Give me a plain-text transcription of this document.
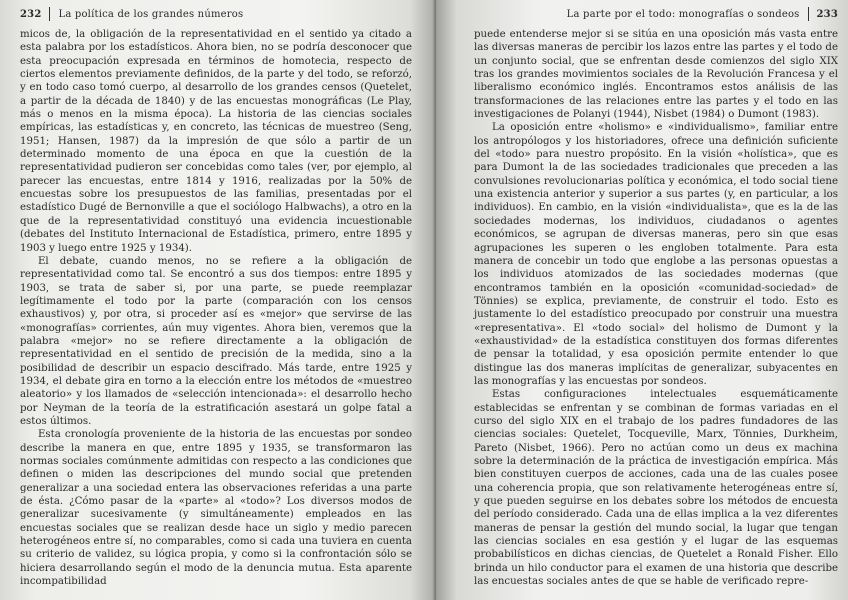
232 La política de los grandes números

micos de, la obligación de la representatividad en el sentido ya citado a esta palabra por los estadísticos. Ahora bien, no se podría desconocer que esta preocupación expresada en términos de homotecia, respecto de ciertos elementos previamente definidos, de la parte y del todo, se reforzó, y en todo caso tomó cuerpo, al desarrollo de los grandes censos (Quetelet, a partir de la década de 1840) y de las encuestas monográficas (Le Play, más o menos en la misma época). La historia de las ciencias sociales empíricas, las estadísticas y, en concreto, las técnicas de muestreo (Seng, 1951; Hansen, 1987) da la impresión de que sólo a partir de un determinado momento de una época en que la cuestión de la representatividad pudieron ser concebidas como tales (ver, por ejemplo, al parecer las encuestas, entre 1814 y 1916, realizadas por la 50% de encuestas sobre los presupuestos de las familias, presentadas por el estadístico Dugé de Bernonville a que el sociólogo Halbwachs), a otro en la que de la representatividad constituyó una evidencia incuestionable (debates del Instituto Internacional de Estadística, primero, entre 1895 y 1903 y luego entre 1925 y 1934).

El debate, cuando menos, no se refiere a la obligación de representatividad como tal. Se encontró a sus dos tiempos: entre 1895 y 1903, se trata de saber si, por una parte, se puede reemplazar legítimamente el todo por la parte (comparación con los censos exhaustivos) y, por otra, si proceder así es «mejor» que servirse de las «monografías» corrientes, aún muy vigentes. Ahora bien, veremos que la palabra «mejor» no se refiere directamente a la obligación de representatividad en el sentido de precisión de la medida, sino a la posibilidad de describir un espacio descifrado. Más tarde, entre 1925 y 1934, el debate gira en torno a la elección entre los métodos de «muestreo aleatorio» y los llamados de «selección intencionada»: el desarrollo hecho por Neyman de la teoría de la estratificación asestará un golpe fatal a estos últimos.

Esta cronología proveniente de la historia de las encuestas por sondeo describe la manera en que, entre 1895 y 1935, se transformaron las normas sociales comúnmente admitidas con respecto a las condiciones que definen o miden las descripciones del mundo social que pretenden generalizar a una sociedad entera las observaciones referidas a una parte de ésta. ¿Cómo pasar de la «parte» al «todo»? Los diversos modos de generalizar sucesivamente (y simultáneamente) empleados en las encuestas sociales que se realizan desde hace un siglo y medio parecen heterogéneos entre sí, no comparables, como si cada una tuviera en cuenta su criterio de validez, su lógica propia, y como si la confrontación sólo se hiciera desarrollando según el modo de la denuncia mutua. Esta aparente incompatibilidad

La parte por el todo: monografías o sondeos 233

puede entenderse mejor si se sitúa en una oposición más vasta entre las diversas maneras de percibir los lazos entre las partes y el todo de un conjunto social, que se enfrentan desde comienzos del siglo XIX tras los grandes movimientos sociales de la Revolución Francesa y el liberalismo económico inglés. Encontramos estos análisis de las transformaciones de las relaciones entre las partes y el todo en las investigaciones de Polanyi (1944), Nisbet (1984) o Dumont (1983).

La oposición entre «holismo» e «individualismo», familiar entre los antropólogos y los historiadores, ofrece una definición suficiente del «todo» para nuestro propósito. En la visión «holística», que es para Dumont la de las sociedades tradicionales que preceden a las convulsiones revolucionarias política y económica, el todo social tiene una existencia anterior y superior a sus partes (y, en particular, a los individuos). En cambio, en la visión «individualista», que es la de las sociedades modernas, los individuos, ciudadanos o agentes económicos, se agrupan de diversas maneras, pero sin que esas agrupaciones les superen o les engloben totalmente. Para esta manera de concebir un todo que englobe a las personas opuestas a los individuos atomizados de las sociedades modernas (que encontramos también en la oposición «comunidad-sociedad» de Tönnies) se explica, previamente, de construir el todo. Esto es justamente lo del estadístico preocupado por construir una muestra «representativa». El «todo social» del holismo de Dumont y la «exhaustividad» de la estadística constituyen dos formas diferentes de pensar la totalidad, y esa oposición permite entender lo que distingue las dos maneras implícitas de generalizar, subyacentes en las monografías y las encuestas por sondeos.

Estas configuraciones intelectuales esquemáticamente establecidas se enfrentan y se combinan de formas variadas en el curso del siglo XIX en el trabajo de los padres fundadores de las ciencias sociales: Quetelet, Tocqueville, Marx, Tönnies, Durkheim, Pareto (Nisbet, 1966). Pero no actúan como un deus ex machina sobre la determinación de la práctica de investigación empírica. Más bien constituyen cuerpos de acciones, cada una de las cuales posee una coherencia propia, que son relativamente heterogéneas entre sí, y que pueden seguirse en los debates sobre los métodos de encuesta del período considerado. Cada una de ellas implica a la vez diferentes maneras de pensar la gestión del mundo social, la lugar que tengan las ciencias sociales en esa gestión y el lugar de las esquemas probabilísticos en dichas ciencias, de Quetelet a Ronald Fisher. Ello brinda un hilo conductor para el examen de una historia que describe las encuestas sociales antes de que se hable de verificado repre-
